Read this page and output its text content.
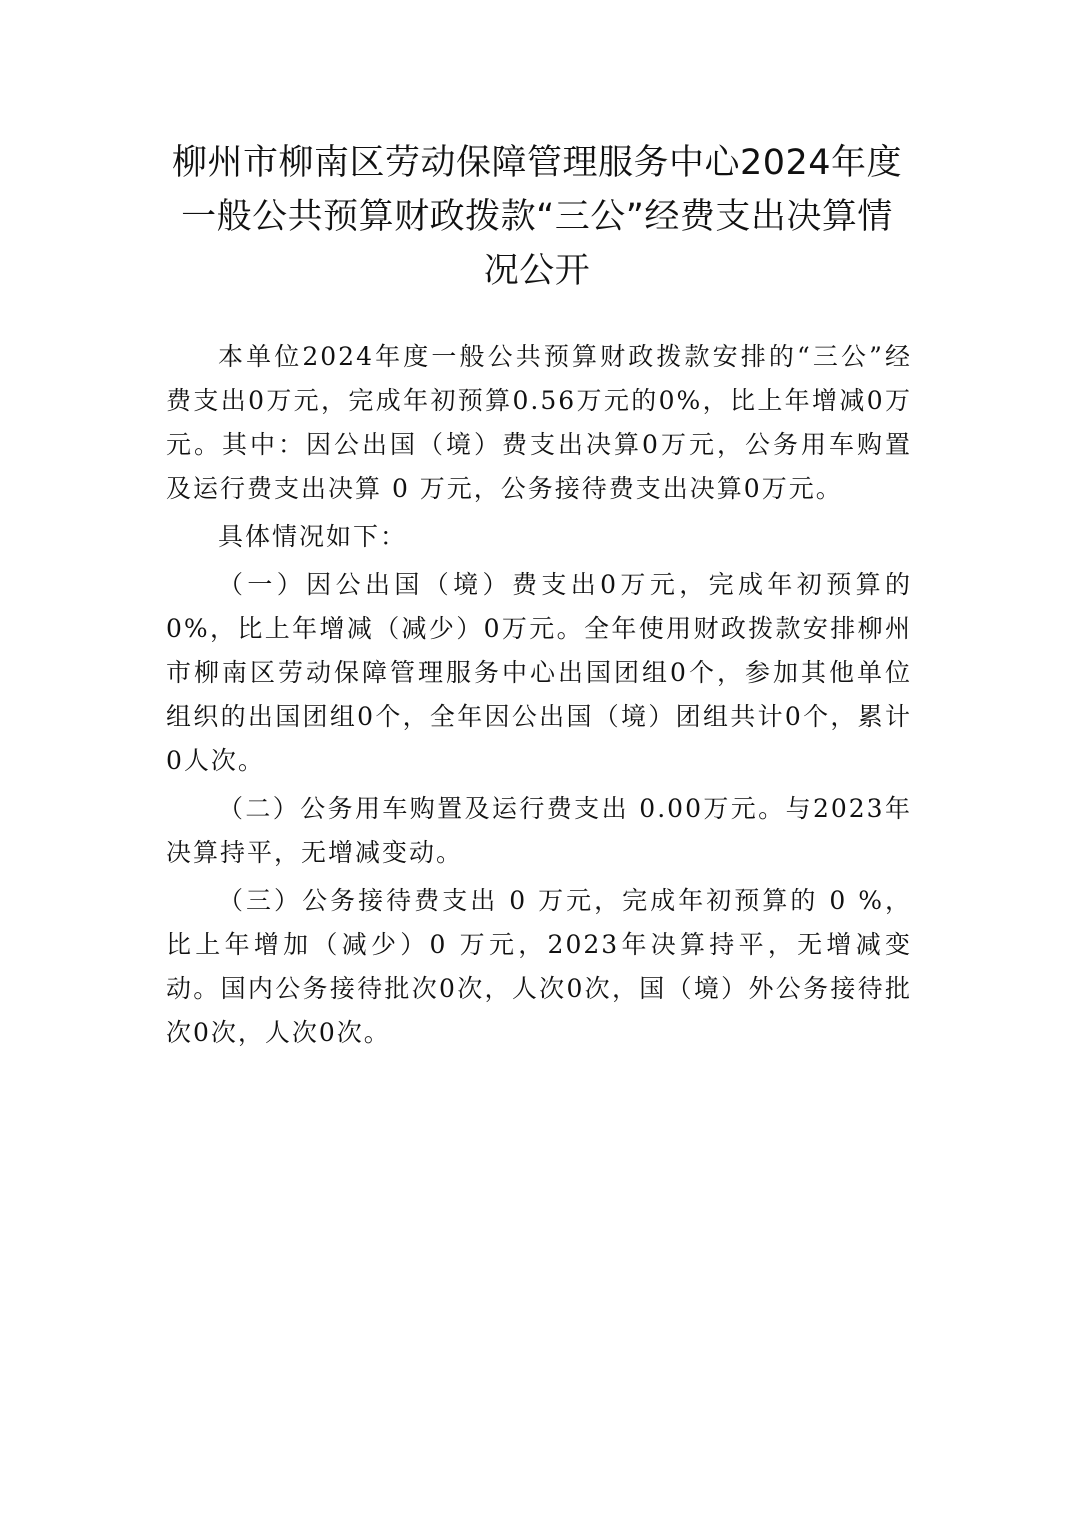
柳州市柳南区劳动保障管理服务中心2024年度
一般公共预算财政拨款“三公”经费支出决算情
况公开

本单位2024年度一般公共预算财政拨款安排的“三公”经费支出0万元，完成年初预算0.56万元的0%，比上年增减0万元。其中：因公出国（境）费支出决算0万元，公务用车购置及运行费支出决算 0 万元，公务接待费支出决算0万元。

具体情况如下：

（一）因公出国（境）费支出0万元，完成年初预算的0%，比上年增减（减少）0万元。全年使用财政拨款安排柳州市柳南区劳动保障管理服务中心出国团组0个，参加其他单位组织的出国团组0个，全年因公出国（境）团组共计0个，累计0人次。

（二）公务用车购置及运行费支出 0.00万元。与2023年决算持平，无增减变动。

（三）公务接待费支出 0 万元，完成年初预算的 0 %，比上年增加（减少）0 万元，2023年决算持平，无增减变动。国内公务接待批次0次，人次0次，国（境）外公务接待批次0次，人次0次。
